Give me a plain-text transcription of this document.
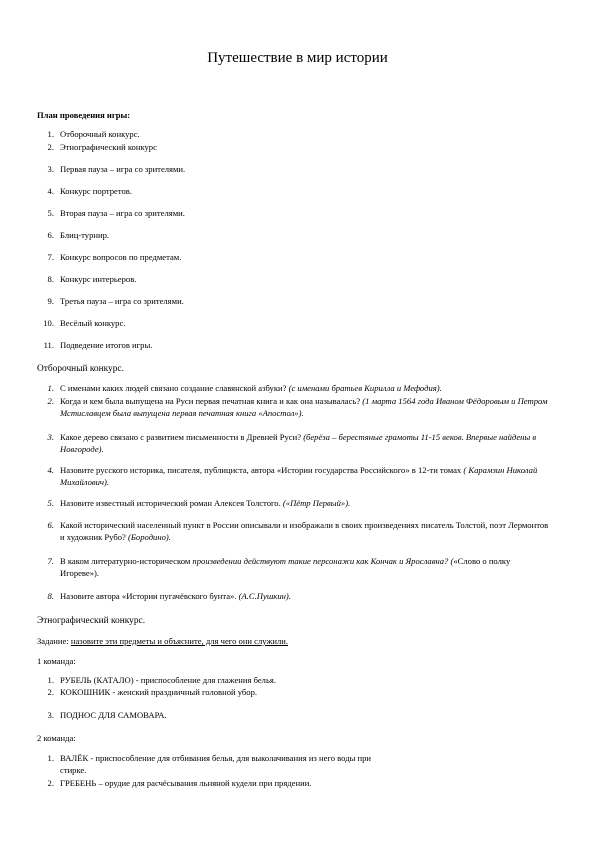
Путешествие в мир истории
План проведения игры:
1. Отборочный конкурс.
2. Этнографический конкурс
3. Первая пауза – игра со зрителями.
4. Конкурс портретов.
5. Вторая пауза – игра со зрителями.
6. Блиц-турнир.
7. Конкурс вопросов по предметам.
8. Конкурс интерьеров.
9. Третья пауза – игра со зрителями.
10. Весёлый конкурс.
11. Подведение итогов игры.
Отборочный конкурс.
1. С именами каких людей связано создание славянской азбуки? (с именами братьев Кирилла и Мефодия).
2. Когда и кем была выпущена на Руси первая печатная книга и как она называлась? (1 марта 1564 года Иваном Фёдоровым и Петром Мстиславцем была выпущена первая печатная книга «Апостол»).
3. Какое дерево связано с развитием письменности в Древней Руси? (берёза – берестяные грамоты 11-15 веков. Впервые найдены в Новгороде).
4. Назовите русского историка, писателя, публициста, автора «Истории государства Российского» в 12-ти томах ( Карамзин Николай Михайлович).
5. Назовите известный исторический роман Алексея Толстого. («Пётр Первый»).
6. Какой исторический населенный пункт в России описывали и изображали в своих произведениях писатель Толстой, поэт Лермонтов и художник Рубо? (Бородино).
7. В каком литературно-историческом произведении действуют такие персонажи как Кончак и Ярославна? («Слово о полку Игореве»).
8. Назовите автора «Истории пугачёвского бунта». (А.С.Пушкин).
Этнографический конкурс.
Задание: назовите эти предметы и объясните, для чего они служили.
1 команда:
1. РУБЕЛЬ (КАТАЛО) - приспособление для глажения белья.
2. КОКОШНИК - женский праздничный головной убор.
3. ПОДНОС ДЛЯ САМОВАРА.
2 команда:
1. ВАЛЁК - приспособление для отбивания белья, для выколачивания из него воды при стирке.
2. ГРЕБЕНЬ – орудие для расчёсывания льняной кудели при прядении.
